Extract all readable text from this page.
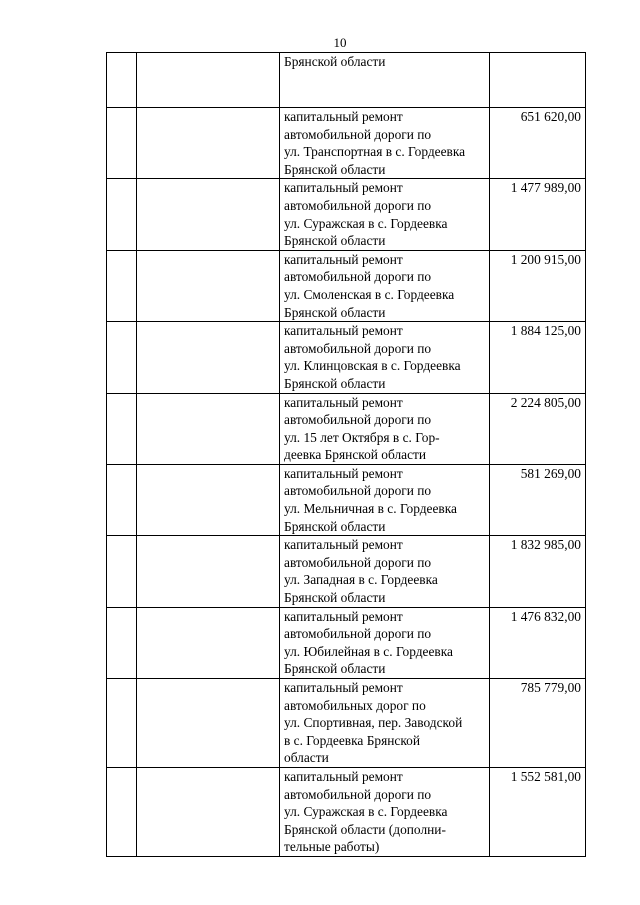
10

		Брянской области	

		капитальный ремонт
автомобильной дороги по
ул. Транспортная в с. Гордеевка
Брянской области	651 620,00

		капитальный ремонт
автомобильной дороги по
ул. Суражская в с. Гордеевка
Брянской области	1 477 989,00

		капитальный ремонт
автомобильной дороги по
ул. Смоленская в с. Гордеевка
Брянской области	1 200 915,00

		капитальный ремонт
автомобильной дороги по
ул. Клинцовская в с. Гордеевка
Брянской области	1 884 125,00

		капитальный ремонт
автомобильной дороги по
ул. 15 лет Октября в с. Гор-
деевка Брянской области	2 224 805,00

		капитальный ремонт
автомобильной дороги по
ул. Мельничная в с. Гордеевка
Брянской области	581 269,00

		капитальный ремонт
автомобильной дороги по
ул. Западная в с. Гордеевка
Брянской области	1 832 985,00

		капитальный ремонт
автомобильной дороги по
ул. Юбилейная в с. Гордеевка
Брянской области	1 476 832,00

		капитальный ремонт
автомобильных дорог по
ул. Спортивная, пер. Заводской
в с. Гордеевка Брянской
области	785 779,00

		капитальный ремонт
автомобильной дороги по
ул. Суражская в с. Гордеевка
Брянской области (дополни-
тельные работы)	1 552 581,00
